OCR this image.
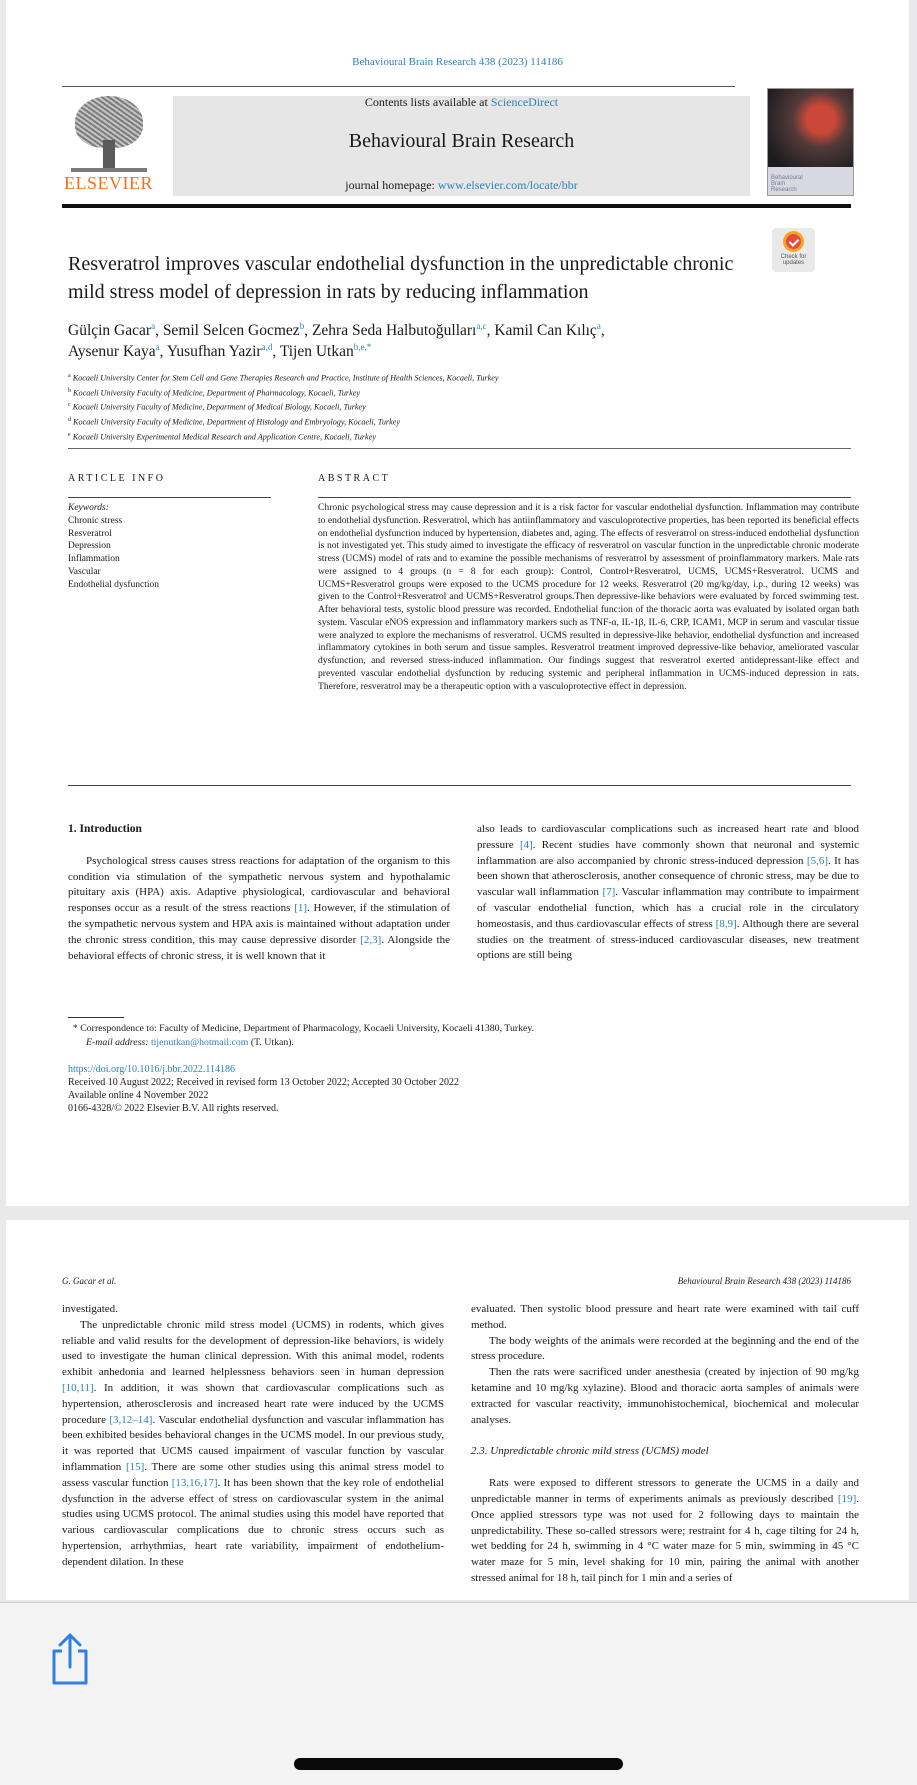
Behavioural Brain Research 438 (2023) 114186
ELSEVIER
Contents lists available at ScienceDirect
Behavioural Brain Research
journal homepage: www.elsevier.com/locate/bbr	Behavioural Brain Research
Check for updates
Resveratrol improves vascular endothelial dysfunction in the unpredictable chronic mild stress model of depression in rats by reducing inflammation
Gülçin Gacar$^a$, Semil Selcen Gocmez$^b$, Zehra Seda Halbutoğulları$^{a,c}$, Kamil Can Kılıç$^a$,
Aysenur Kaya$^a$, Yusufhan Yazir$^{a,d}$, Tijen Utkan$^{b,e,*}$
$^a$ Kocaeli University Center for Stem Cell and Gene Therapies Research and Practice, Institute of Health Sciences, Kocaeli, Turkey
$^b$ Kocaeli University Faculty of Medicine, Department of Pharmacology, Kocaeli, Turkey
$^c$ Kocaeli University Faculty of Medicine, Department of Medical Biology, Kocaeli, Turkey
$^d$ Kocaeli University Faculty of Medicine, Department of Histology and Embryology, Kocaeli, Turkey
$^e$ Kocaeli University Experimental Medical Research and Application Centre, Kocaeli, Turkey
ARTICLE INFO	ABSTRACT
Keywords:
Chronic stress
Resveratrol
Depression
Inflammation
Vascular
Endothelial dysfunction
Chronic psychological stress may cause depression and it is a risk factor for vascular endothelial dysfunction. Inflammation may contribute to endothelial dysfunction. Resveratrol, which has antiinflammatory and vasculoprotective properties, has been reported its beneficial effects on endothelial dysfunction induced by hypertension, diabetes and, aging. The effects of resveratrol on stress-induced endothelial dysfunction is not investigated yet. This study aimed to investigate the efficacy of resveratrol on vascular function in the unpredictable chronic moderate stress (UCMS) model of rats and to examine the possible mechanisms of resveratrol by assessment of proinflammatory markers. Male rats were assigned to 4 groups (n = 8 for each group): Control, Control+Resveratrol, UCMS, UCMS+Resveratrol. UCMS and UCMS+Resveratrol groups were exposed to the UCMS procedure for 12 weeks. Resveratrol (20 mg/kg/day, i.p., during 12 weeks) was given to the Control+Resveratrol and UCMS+Resveratrol groups.Then depressive-like behaviors were evaluated by forced swimming test. After behavioral tests, systolic blood pressure was recorded. Endothelial func:ion of the thoracic aorta was evaluated by isolated organ bath system. Vascular eNOS expression and inflammatory markers such as TNF-α, IL-1β, IL-6, CRP, ICAM1, MCP in serum and vascular tissue were analyzed to explore the mechanisms of resveratrol. UCMS resulted in depressive-like behavior, endothelial dysfunction and increased inflammatory cytokines in both serum and tissue samples. Resveratrol treatment improved depressive-like behavior, ameliorated vascular dysfunction, and reversed stress-induced inflammation. Our findings suggest that resveratrol exerted antidepressant-like effect and prevented vascular endothelial dysfunction by reducing systemic and peripheral inflammation in UCMS-induced depression in rats. Therefore, resveratrol may be a therapeutic option with a vasculoprotective effect in depression.

1. Introduction

Psychological stress causes stress reactions for adaptation of the organism to this condition via stimulation of the sympathetic nervous system and hypothalamic pituitary axis (HPA) axis. Adaptive physiological, cardiovascular and behavioral responses occur as a result of the stress reactions [1]. However, if the stimulation of the sympathetic nervous system and HPA axis is maintained without adaptation under the chronic stress condition, this may cause depressive disorder [2,3]. Alongside the behavioral effects of chronic stress, it is well known that it

also leads to cardiovascular complications such as increased heart rate and blood pressure [4]. Recent studies have commonly shown that neuronal and systemic inflammation are also accompanied by chronic stress-induced depression [5,6]. It has been shown that atherosclerosis, another consequence of chronic stress, may be due to vascular wall inflammation [7]. Vascular inflammation may contribute to impairment of vascular endothelial function, which has a crucial role in the circulatory homeostasis, and thus cardiovascular effects of stress [8,9]. Although there are several studies on the treatment of stress-induced cardiovascular diseases, new treatment options are still being

* Correspondence to: Faculty of Medicine, Department of Pharmacology, Kocaeli University, Kocaeli 41380, Turkey.
E-mail address: tijenutkan@hotmail.com (T. Utkan).
https://doi.org/10.1016/j.bbr.2022.114186
Received 10 August 2022; Received in revised form 13 October 2022; Accepted 30 October 2022
Available online 4 November 2022
0166-4328/© 2022 Elsevier B.V. All rights reserved.
G. Gacar et al.	Behavioural Brain Research 438 (2023) 114186

investigated.

The unpredictable chronic mild stress model (UCMS) in rodents, which gives reliable and valid results for the development of depression-like behaviors, is widely used to investigate the human clinical depression. With this animal model, rodents exhibit anhedonia and learned helplessness behaviors seen in human depression [10,11]. In addition, it was shown that cardiovascular complications such as hypertension, atherosclerosis and increased heart rate were induced by the UCMS procedure [3,12–14]. Vascular endothelial dysfunction and vascular inflammation has been exhibited besides behavioral changes in the UCMS model. In our previous study, it was reported that UCMS caused impairment of vascular function by vascular inflammation [15]. There are some other studies using this animal stress model to assess vascular function [13,16,17]. It has been shown that the key role of endothelial dysfunction in the adverse effect of stress on cardiovascular system in the animal studies using UCMS protocol. The animal studies using this model have reported that various cardiovascular complications due to chronic stress occurs such as hypertension, arrhythmias, heart rate variability, impairment of endothelium-dependent dilation. In these

evaluated. Then systolic blood pressure and heart rate were examined with tail cuff method.

The body weights of the animals were recorded at the beginning and the end of the stress procedure.

Then the rats were sacrificed under anesthesia (created by injection of 90 mg/kg ketamine and 10 mg/kg xylazine). Blood and thoracic aorta samples of animals were extracted for vascular reactivity, immunohistochemical, biochemical and molecular analyses.

2.3. Unpredictable chronic mild stress (UCMS) model

Rats were exposed to different stressors to generate the UCMS in a daily and unpredictable manner in terms of experiments animals as previously described [19]. Once applied stressors type was not used for 2 following days to maintain the unpredictability. These so-called stressors were; restraint for 4 h, cage tilting for 24 h, wet bedding for 24 h, swimming in 4 °C water maze for 5 min, swimming in 45 °C water maze for 5 min, level shaking for 10 min, pairing the animal with another stressed animal for 18 h, tail pinch for 1 min and a series of
